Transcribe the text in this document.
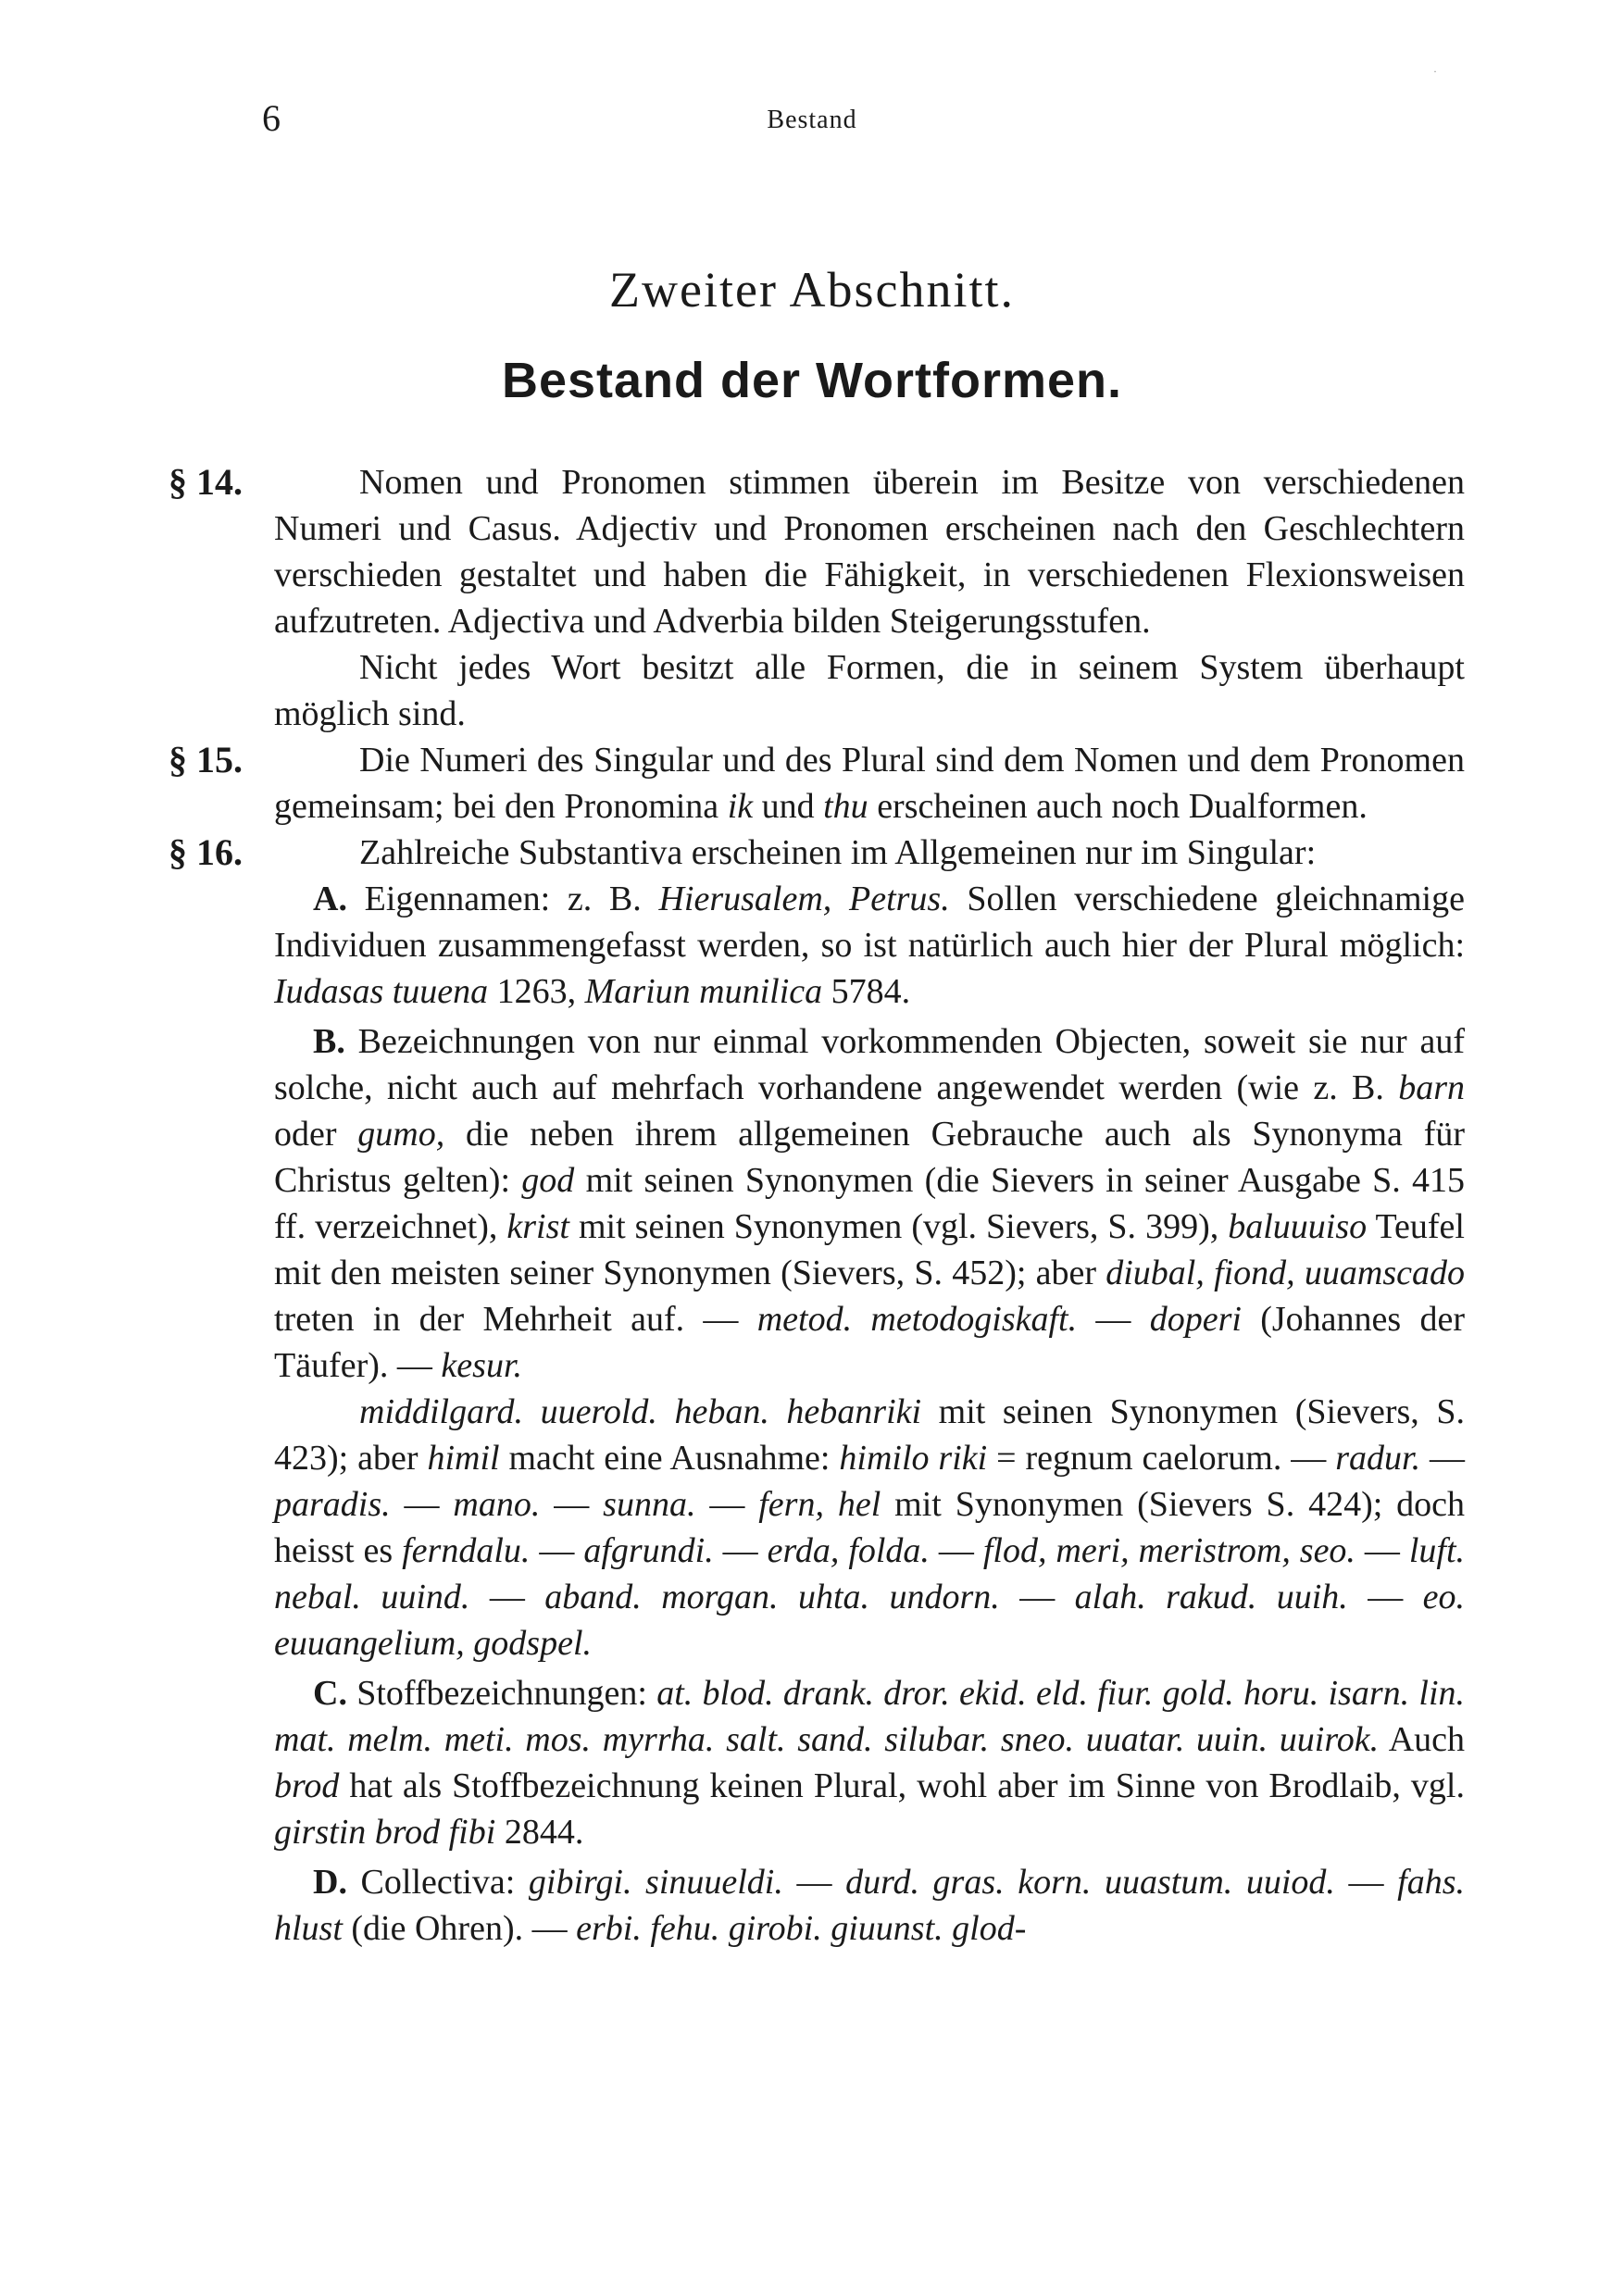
6	Bestand
·
Zweiter Abschnitt.
Bestand der Wortformen.
§ 14.	Nomen und Pronomen stimmen überein im Besitze von verschiedenen Numeri und Casus. Adjectiv und Pronomen erscheinen nach den Geschlechtern verschieden gestaltet und haben die Fähigkeit, in verschiedenen Flexionsweisen aufzutreten. Adjectiva und Adverbia bilden Steigerungsstufen.
Nicht jedes Wort besitzt alle Formen, die in seinem System überhaupt möglich sind.
§ 15.	Die Numeri des Singular und des Plural sind dem Nomen und dem Pronomen gemeinsam; bei den Pronomina ik und thu erscheinen auch noch Dualformen.
§ 16.	Zahlreiche Substantiva erscheinen im Allgemeinen nur im Singular:
A. Eigennamen: z. B. Hierusalem, Petrus. Sollen verschiedene gleichnamige Individuen zusammengefasst werden, so ist natürlich auch hier der Plural möglich: Iudasas tuuena 1263, Mariun munilica 5784.
B. Bezeichnungen von nur einmal vorkommenden Objecten, soweit sie nur auf solche, nicht auch auf mehrfach vorhandene angewendet werden (wie z. B. barn oder gumo, die neben ihrem allgemeinen Gebrauche auch als Synonyma für Christus gelten): god mit seinen Synonymen (die Sievers in seiner Ausgabe S. 415 ff. verzeichnet), krist mit seinen Synonymen (vgl. Sievers, S. 399), baluuuiso Teufel mit den meisten seiner Synonymen (Sievers, S. 452); aber diubal, fiond, uuamscado treten in der Mehrheit auf. — metod. metodogiskaft. — doperi (Johannes der Täufer). — kesur.
middilgard. uuerold. heban. hebanriki mit seinen Synonymen (Sievers, S. 423); aber himil macht eine Ausnahme: himilo riki = regnum caelorum. — radur. — paradis. — mano. — sunna. — fern, hel mit Synonymen (Sievers S. 424); doch heisst es ferndalu. — afgrundi. — erda, folda. — flod, meri, meristrom, seo. — luft. nebal. uuind. — aband. morgan. uhta. undorn. — alah. rakud. uuih. — eo. euuangelium, godspel.
C. Stoffbezeichnungen: at. blod. drank. dror. ekid. eld. fiur. gold. horu. isarn. lin. mat. melm. meti. mos. myrrha. salt. sand. silubar. sneo. uuatar. uuin. uuirok. Auch brod hat als Stoffbezeichnung keinen Plural, wohl aber im Sinne von Brodlaib, vgl. girstin brod fibi 2844.
D. Collectiva: gibirgi. sinuueldi. — durd. gras. korn. uuastum. uuiod. — fahs. hlust (die Ohren). — erbi. fehu. girobi. giuunst. glod-
